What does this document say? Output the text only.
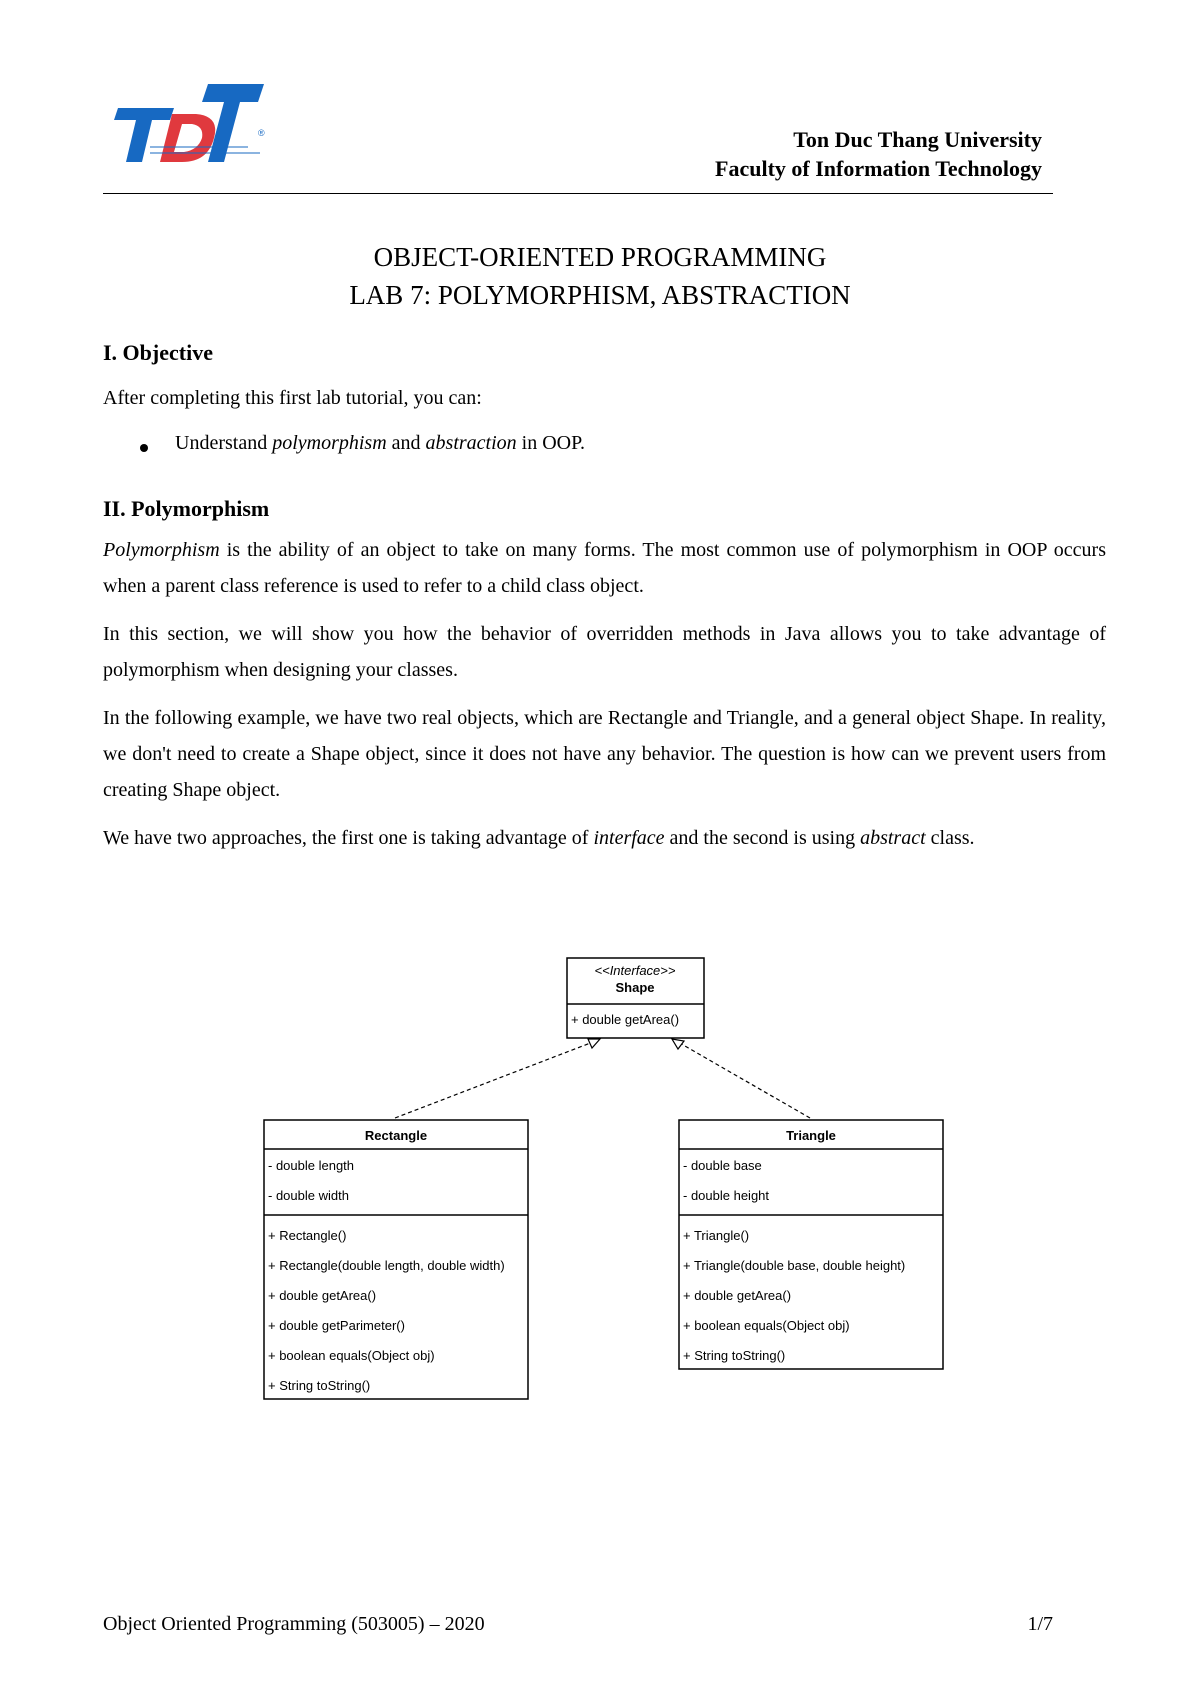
®	Ton Duc Thang University
Faculty of Information Technology
OBJECT-ORIENTED PROGRAMMING
LAB 7: POLYMORPHISM, ABSTRACTION
I. Objective
After completing this first lab tutorial, you can:
Understand polymorphism and abstraction in OOP.
II. Polymorphism

Polymorphism is the ability of an object to take on many forms. The most common use of polymorphism in OOP occurs when a parent class reference is used to refer to a child class object.

In this section, we will show you how the behavior of overridden methods in Java allows you to take advantage of polymorphism when designing your classes.

In the following example, we have two real objects, which are Rectangle and Triangle, and a general object Shape. In reality, we don't need to create a Shape object, since it does not have any behavior. The question is how can we prevent users from creating Shape object.

We have two approaches, the first one is taking advantage of interface and the second is using abstract class.

<<Interface>>
Shape
+ double getArea()
Rectangle
- double length
- double width
+ Rectangle()
+ Rectangle(double length, double width)
+ double getArea()
+ double getParimeter()
+ boolean equals(Object obj)
+ String toString()
Triangle
- double base
- double height
+ Triangle()
+ Triangle(double base, double height)
+ double getArea()
+ boolean equals(Object obj)
+ String toString()
Object Oriented Programming (503005) – 2020	1/7
